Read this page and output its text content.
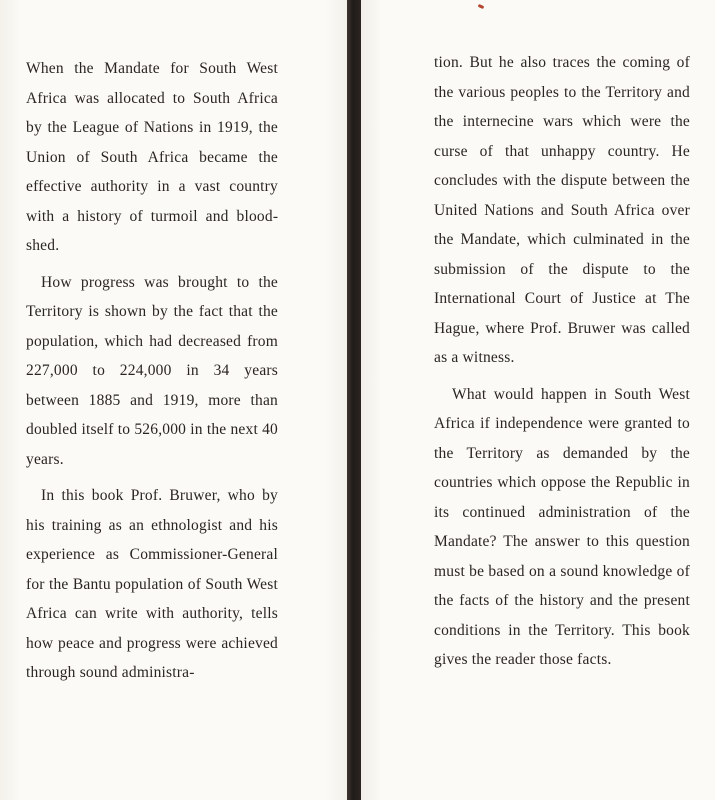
When the Mandate for South West Africa was allocated to South Africa by the League of Nations in 1919, the Union of South Africa became the effective authority in a vast country with a history of turmoil and bloodshed.

How progress was brought to the Territory is shown by the fact that the population, which had decreased from 227,000 to 224,000 in 34 years between 1885 and 1919, more than doubled itself to 526,000 in the next 40 years.

In this book Prof. Bruwer, who by his training as an ethnologist and his experience as Commissioner-General for the Bantu population of South West Africa can write with authority, tells how peace and progress were achieved through sound administra-

tion. But he also traces the coming of the various peoples to the Territory and the internecine wars which were the curse of that unhappy country. He concludes with the dispute between the United Nations and South Africa over the Mandate, which culminated in the submission of the dispute to the International Court of Justice at The Hague, where Prof. Bruwer was called as a witness.

What would happen in South West Africa if independence were granted to the Territory as demanded by the countries which oppose the Republic in its continued administration of the Mandate? The answer to this question must be based on a sound knowledge of the facts of the history and the present conditions in the Territory. This book gives the reader those facts.
